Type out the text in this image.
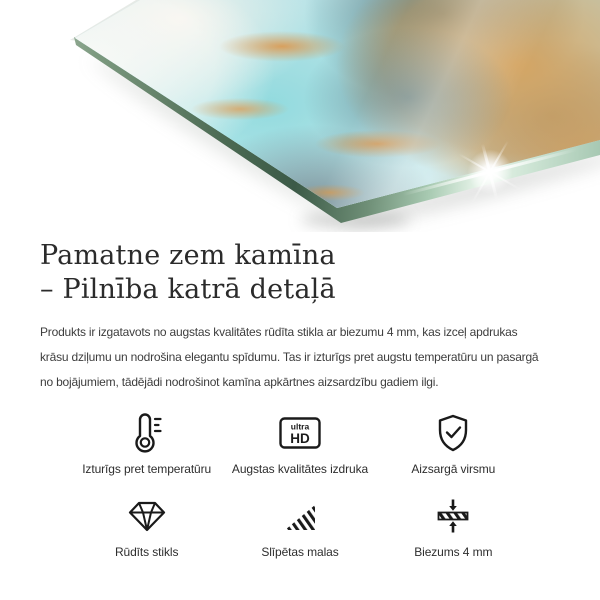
Pamatne zem kamīna
– Pilnība katrā detaļā

Produkts ir izgatavots no augstas kvalitātes rūdīta stikla ar biezumu 4 mm, kas izceļ apdrukas
krāsu dziļumu un nodrošina elegantu spīdumu. Tas ir izturīgs pret augstu temperatūru un pasargā
no bojājumiem, tādējādi nodrošinot kamīna apkārtnes aizsardzību gadiem ilgi.

Izturīgs pret temperatūru
ultra
HD
Augstas kvalitātes izdruka	Aizsargā virsmu
Rūdīts stikls	Slīpētas malas	Biezums 4 mm
